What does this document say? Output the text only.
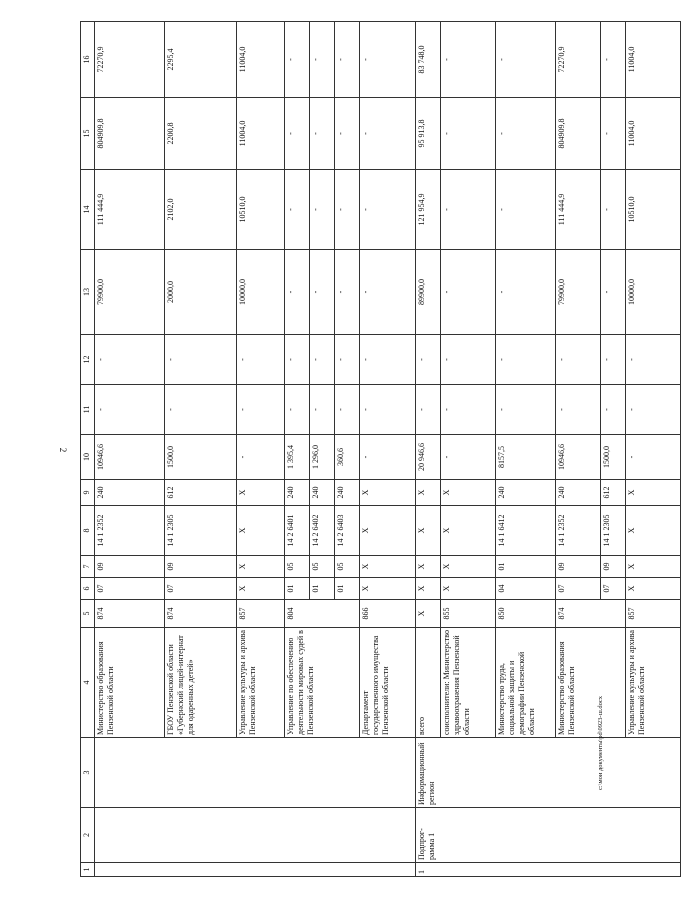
2
1	2	3	4	5	6	7	8	9	10	11	12	13	14	15	16
			Министерство образования Пензенской области	874	07	09	14 1 2352	240	10946,6	-	-	79900,0	111 444,9	804909,8	72270,9
			ГБОУ Пензенской области «Губернский лицей-интернат для одаренных детей»	874	07	09	14 1 2305	612	1500,0	-	-	2000,0	2102,0	2200,8	2295,4
			Управление культуры и архива Пензенской области	857	X	X	X	X	-	-	-	10000,0	10510,0	11004,0	11004,0
			Управление по обеспечению деятельности мировых судей в Пензенской области	804	01	05	14 2 6401	240	1 395,4	-	-	-	-	-	-
					01	05	14 2 6402	240	1 296,0	-	-	-	-	-	-
					01	05	14 2 6403	240	360,6	-	-	-	-	-	-
			Департамент государственного имущества Пензенской области	866	X	X	X	X	-	-	-	-	-	-	-
1	Подпрог-рамма 1	Информационный регион	всего	X	X	X	X	X	20 946,6	-	-	89900,0	121 954,9	95 913,8	83 748,0
			соисполнители: Министерство здравоохранения Пензенской области	855	X	X	X	X	-	-	-	-	-	-	-
			Министерство труда, социальной защиты и демографии Пензенской области	850	04	01	14 1 6412	240	8157,5	-	-	-	-	-	-
			Министерство образования Пензенской области	874	07	09	14 1 2352	240	10946,6	-	-	79900,0	111 444,9	804909,8	72270,9
					07	09	14 1 2305	612	1500,0	-	-	-	-	-	-
			Управление культуры и архива Пензенской области	857	X	X	X	X	-	-	-	10000,0	10510,0	11004,0	11004,0
c:\мои документы\pd\0923-ш.docx
